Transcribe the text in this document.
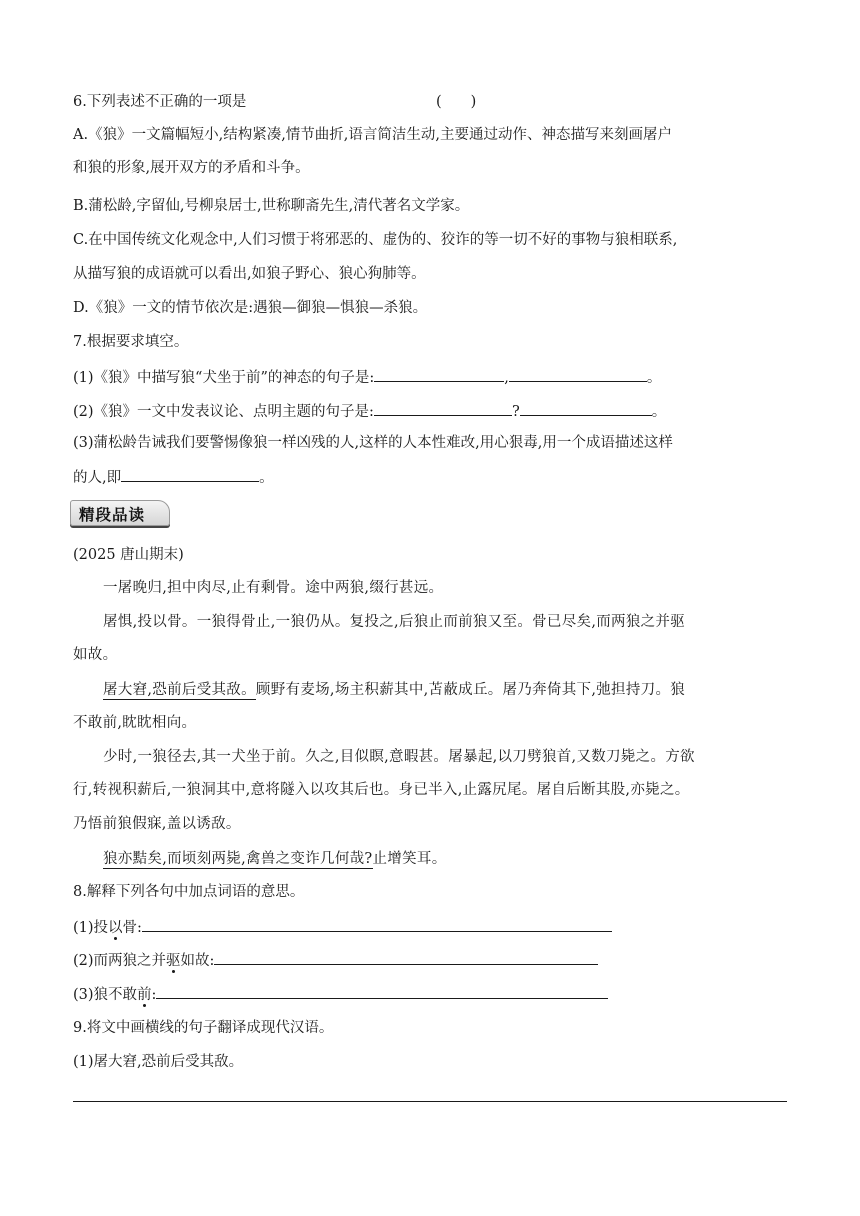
6.下列表述不正确的一项是	(　　)
A.《狼》一文篇幅短小,结构紧凑,情节曲折,语言简洁生动,主要通过动作、神态描写来刻画屠户
和狼的形象,展开双方的矛盾和斗争。
B.蒲松龄,字留仙,号柳泉居士,世称聊斋先生,清代著名文学家。
C.在中国传统文化观念中,人们习惯于将邪恶的、虚伪的、狡诈的等一切不好的事物与狼相联系,
从描写狼的成语就可以看出,如狼子野心、狼心狗肺等。
D.《狼》一文的情节依次是:遇狼—御狼—惧狼—杀狼。
7.根据要求填空。
(1)《狼》中描写狼“犬坐于前”的神态的句子是:	,	。
(2)《狼》一文中发表议论、点明主题的句子是:	?	。
(3)蒲松龄告诫我们要警惕像狼一样凶残的人,这样的人本性难改,用心狠毒,用一个成语描述这样
的人,即	。
精段品读
(2025 唐山期末)
一屠晚归,担中肉尽,止有剩骨。途中两狼,缀行甚远。
屠惧,投以骨。一狼得骨止,一狼仍从。复投之,后狼止而前狼又至。骨已尽矣,而两狼之并驱
如故。
屠大窘,恐前后受其敌。顾野有麦场,场主积薪其中,苫蔽成丘。屠乃奔倚其下,弛担持刀。狼
不敢前,眈眈相向。
少时,一狼径去,其一犬坐于前。久之,目似瞑,意暇甚。屠暴起,以刀劈狼首,又数刀毙之。方欲
行,转视积薪后,一狼洞其中,意将隧入以攻其后也。身已半入,止露尻尾。屠自后断其股,亦毙之。
乃悟前狼假寐,盖以诱敌。
狼亦黠矣,而顷刻两毙,禽兽之变诈几何哉?止增笑耳。
8.解释下列各句中加点词语的意思。
(1)投以骨:
(2)而两狼之并驱如故:
(3)狼不敢前:
9.将文中画横线的句子翻译成现代汉语。
(1)屠大窘,恐前后受其敌。
